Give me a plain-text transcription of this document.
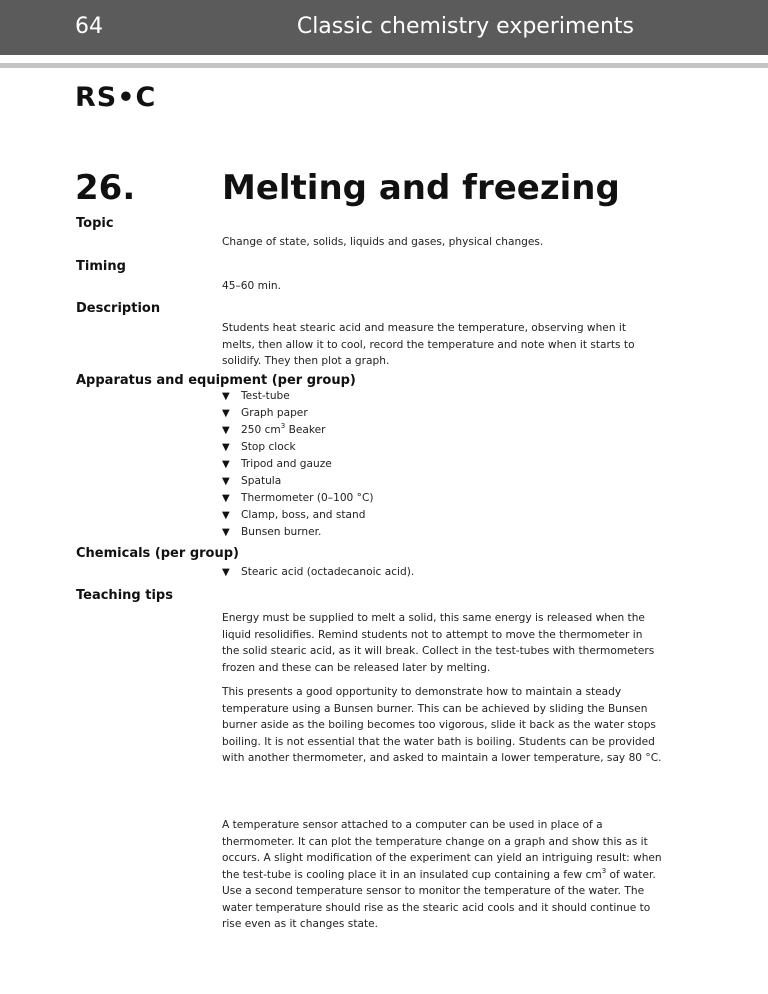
64	Classic chemistry experiments
RS•C
26.	Melting and freezing
Topic
Change of state, solids, liquids and gases, physical changes.
Timing
45–60 min.
Description
Students heat stearic acid and measure the temperature, observing when it melts, then allow it to cool, record the temperature and note when it starts to solidify. They then plot a graph.
Apparatus and equipment (per group)
▼ Test-tube
▼ Graph paper
▼ 250 $cm^3$ Beaker
▼ Stop clock
▼ Tripod and gauze
▼ Spatula
▼ Thermometer (0–100 °C)
▼ Clamp, boss, and stand
▼ Bunsen burner.
Chemicals (per group)
▼ Stearic acid (octadecanoic acid).
Teaching tips
Energy must be supplied to melt a solid, this same energy is released when the liquid resolidifies. Remind students not to attempt to move the thermometer in the solid stearic acid, as it will break. Collect in the test-tubes with thermometers frozen and these can be released later by melting.
This presents a good opportunity to demonstrate how to maintain a steady temperature using a Bunsen burner. This can be achieved by sliding the Bunsen burner aside as the boiling becomes too vigorous, slide it back as the water stops boiling. It is not essential that the water bath is boiling. Students can be provided with another thermometer, and asked to maintain a lower temperature, say 80 °C.
A temperature sensor attached to a computer can be used in place of a thermometer. It can plot the temperature change on a graph and show this as it occurs. A slight modification of the experiment can yield an intriguing result: when the test-tube is cooling place it in an insulated cup containing a few $cm^3$ of water. Use a second temperature sensor to monitor the temperature of the water. The water temperature should rise as the stearic acid cools and it should continue to rise even as it changes state.
